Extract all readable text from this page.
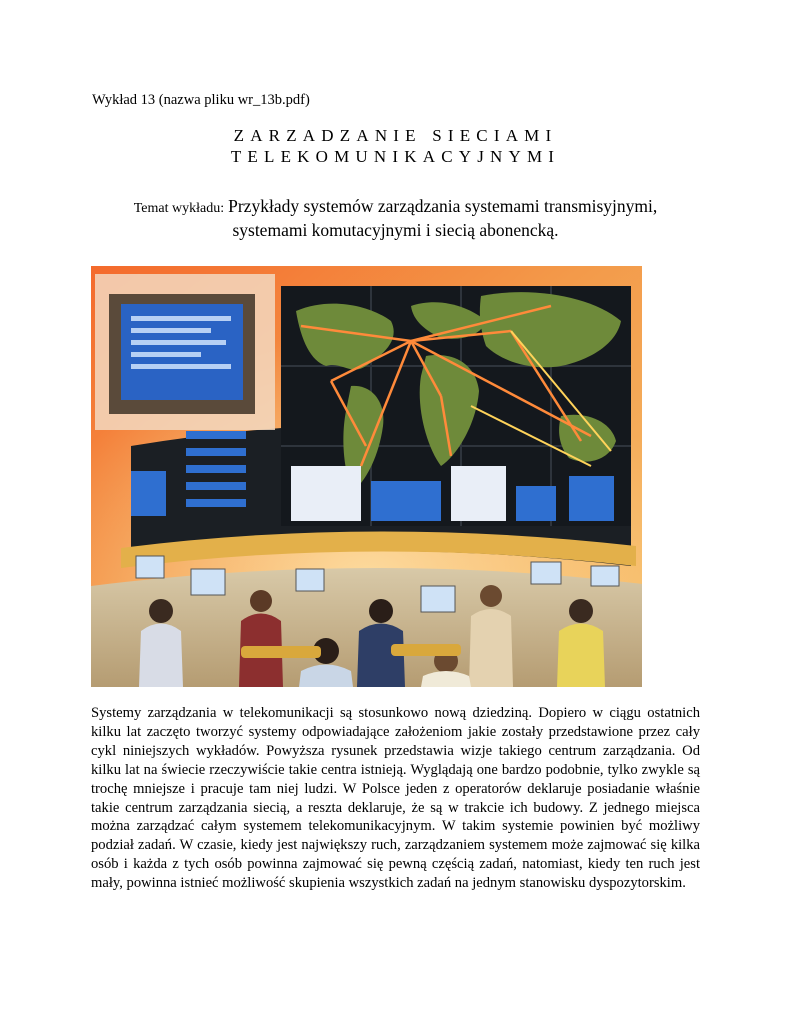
Wykład 13 (nazwa pliku wr_13b.pdf)
ZARZADZANIE SIECIAMI
TELEKOMUNIKACYJNYMI
Temat wykładu: Przykłady systemów zarządzania systemami transmisyjnymi,
systemami komutacyjnymi i siecią abonencką.
Systemy zarządzania w telekomunikacji są stosunkowo nową dziedziną. Dopiero w ciągu ostatnich kilku lat zaczęto tworzyć systemy odpowiadające założeniom jakie zostały przedstawione przez cały cykl niniejszych wykładów. Powyższa rysunek przedstawia wizje takiego centrum zarządzania. Od kilku lat na świecie rzeczywiście takie centra istnieją. Wyglądają one bardzo podobnie, tylko zwykle są trochę mniejsze i pracuje tam niej ludzi. W Polsce jeden z operatorów deklaruje posiadanie właśnie takie centrum zarządzania siecią, a reszta deklaruje, że są w trakcie ich budowy. Z jednego miejsca można zarządzać całym systemem telekomunikacyjnym. W takim systemie powinien być możliwy podział zadań. W czasie, kiedy jest największy ruch, zarządzaniem systemem może zajmować się kilka osób i każda z tych osób powinna zajmować się pewną częścią zadań, natomiast, kiedy ten ruch jest mały, powinna istnieć możliwość skupienia wszystkich zadań na jednym stanowisku dyspozytorskim.
